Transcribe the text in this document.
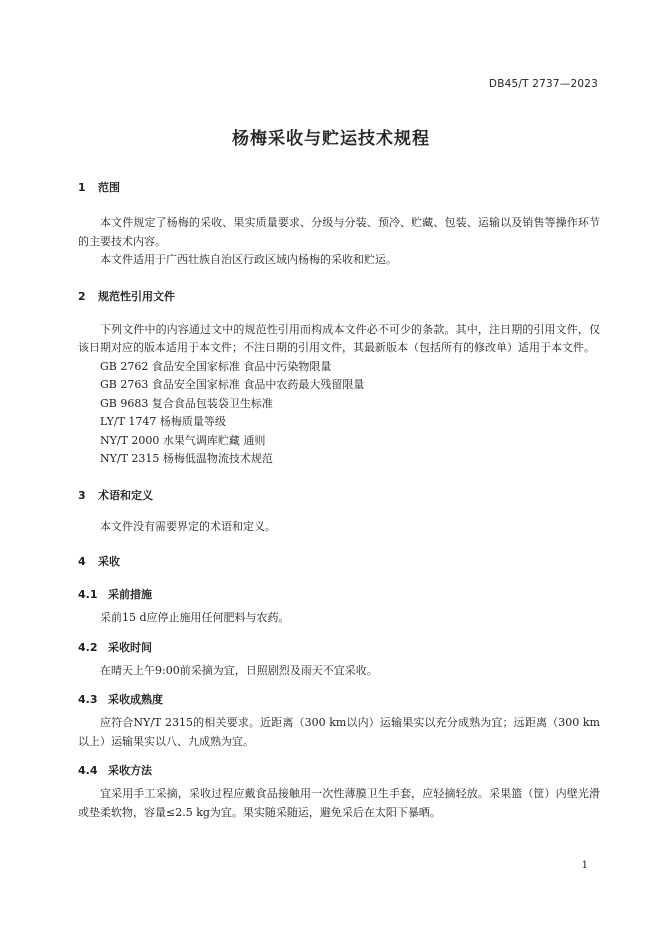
DB45/T 2737—2023
杨梅采收与贮运技术规程
1 范围

本文件规定了杨梅的采收、果实质量要求、分级与分装、预冷、贮藏、包装、运输以及销售等操作环节的主要技术内容。

本文件适用于广西壮族自治区行政区域内杨梅的采收和贮运。

2 规范性引用文件

下列文件中的内容通过文中的规范性引用而构成本文件必不可少的条款。其中，注日期的引用文件，仅该日期对应的版本适用于本文件；不注日期的引用文件，其最新版本（包括所有的修改单）适用于本文件。

GB 2762 食品安全国家标准 食品中污染物限量

GB 2763 食品安全国家标准 食品中农药最大残留限量

GB 9683 复合食品包装袋卫生标准

LY/T 1747 杨梅质量等级

NY/T 2000 水果气调库贮藏 通则

NY/T 2315 杨梅低温物流技术规范

3 术语和定义

本文件没有需要界定的术语和定义。

4 采收
4.1 采前措施

采前15 d应停止施用任何肥料与农药。

4.2 采收时间

在晴天上午9:00前采摘为宜，日照剧烈及雨天不宜采收。

4.3 采收成熟度

应符合NY/T 2315的相关要求。近距离（300 km以内）运输果实以充分成熟为宜；远距离（300 km以上）运输果实以八、九成熟为宜。

4.4 采收方法

宜采用手工采摘，采收过程应戴食品接触用一次性薄膜卫生手套，应轻摘轻放。采果篮（筐）内壁光滑或垫柔软物，容量≤2.5 kg为宜。果实随采随运，避免采后在太阳下暴晒。

1
